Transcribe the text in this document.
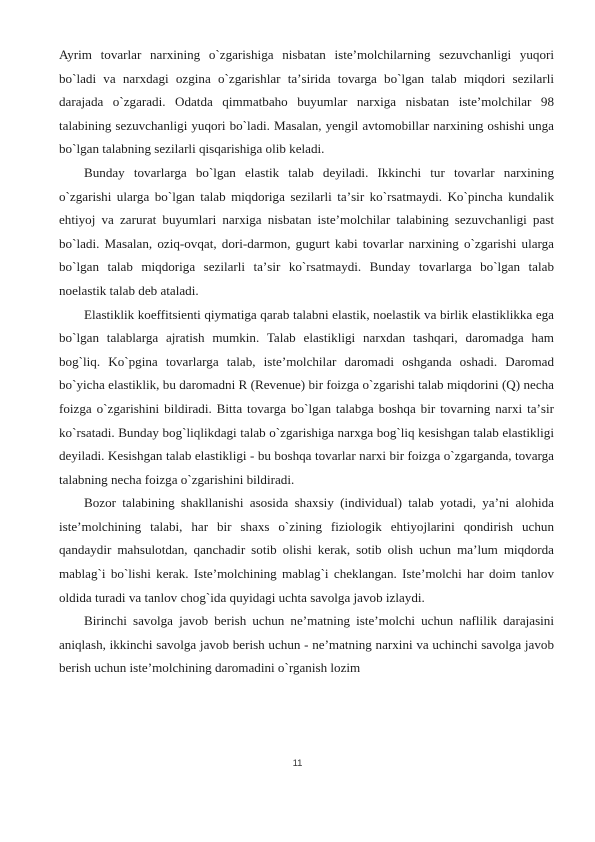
Ayrim tovarlar narxining o`zgarishiga nisbatan isteʼmolchilarning sezuvchanligi yuqori bo`ladi va narxdagi ozgina o`zgarishlar taʼsirida tovarga bo`lgan talab miqdori sezilarli darajada o`zgaradi. Odatda qimmatbaho buyumlar narxiga nisbatan isteʼmolchilar 98 talabining sezuvchanligi yuqori bo`ladi. Masalan, yengil avtomobillar narxining oshishi unga bo`lgan talabning sezilarli qisqarishiga olib keladi.

Bunday tovarlarga bo`lgan elastik talab deyiladi. Ikkinchi tur tovarlar narxining o`zgarishi ularga bo`lgan talab miqdoriga sezilarli taʼsir ko`rsatmaydi. Ko`pincha kundalik ehtiyoj va zarurat buyumlari narxiga nisbatan isteʼmolchilar talabining sezuvchanligi past bo`ladi. Masalan, oziq-ovqat, dori-darmon, gugurt kabi tovarlar narxining o`zgarishi ularga bo`lgan talab miqdoriga sezilarli taʼsir ko`rsatmaydi. Bunday tovarlarga bo`lgan talab noelastik talab deb ataladi.

Elastiklik koeffitsienti qiymatiga qarab talabni elastik, noelastik va birlik elastiklikka ega bo`lgan talablarga ajratish mumkin. Talab elastikligi narxdan tashqari, daromadga ham bog`liq. Ko`pgina tovarlarga talab, isteʼmolchilar daromadi oshganda oshadi. Daromad bo`yicha elastiklik, bu daromadni R (Revenue) bir foizga o`zgarishi talab miqdorini (Q) necha foizga o`zgarishini bildiradi. Bitta tovarga bo`lgan talabga boshqa bir tovarning narxi taʼsir ko`rsatadi. Bunday bog`liqlikdagi talab o`zgarishiga narxga bog`liq kesishgan talab elastikligi deyiladi. Kesishgan talab elastikligi - bu boshqa tovarlar narxi bir foizga o`zgarganda, tovarga talabning necha foizga o`zgarishini bildiradi.

Bozor talabining shakllanishi asosida shaxsiy (individual) talab yotadi, yaʼni alohida isteʼmolchining talabi, har bir shaxs o`zining fiziologik ehtiyojlarini qondirish uchun qandaydir mahsulotdan, qanchadir sotib olishi kerak, sotib olish uchun maʼlum miqdorda mablag`i bo`lishi kerak. Isteʼmolchining mablag`i cheklangan. Isteʼmolchi har doim tanlov oldida turadi va tanlov chog`ida quyidagi uchta savolga javob izlaydi.

Birinchi savolga javob berish uchun neʼmatning isteʼmolchi uchun naflilik darajasini aniqlash, ikkinchi savolga javob berish uchun - neʼmatning narxini va uchinchi savolga javob berish uchun isteʼmolchining daromadini o`rganish lozim

11
